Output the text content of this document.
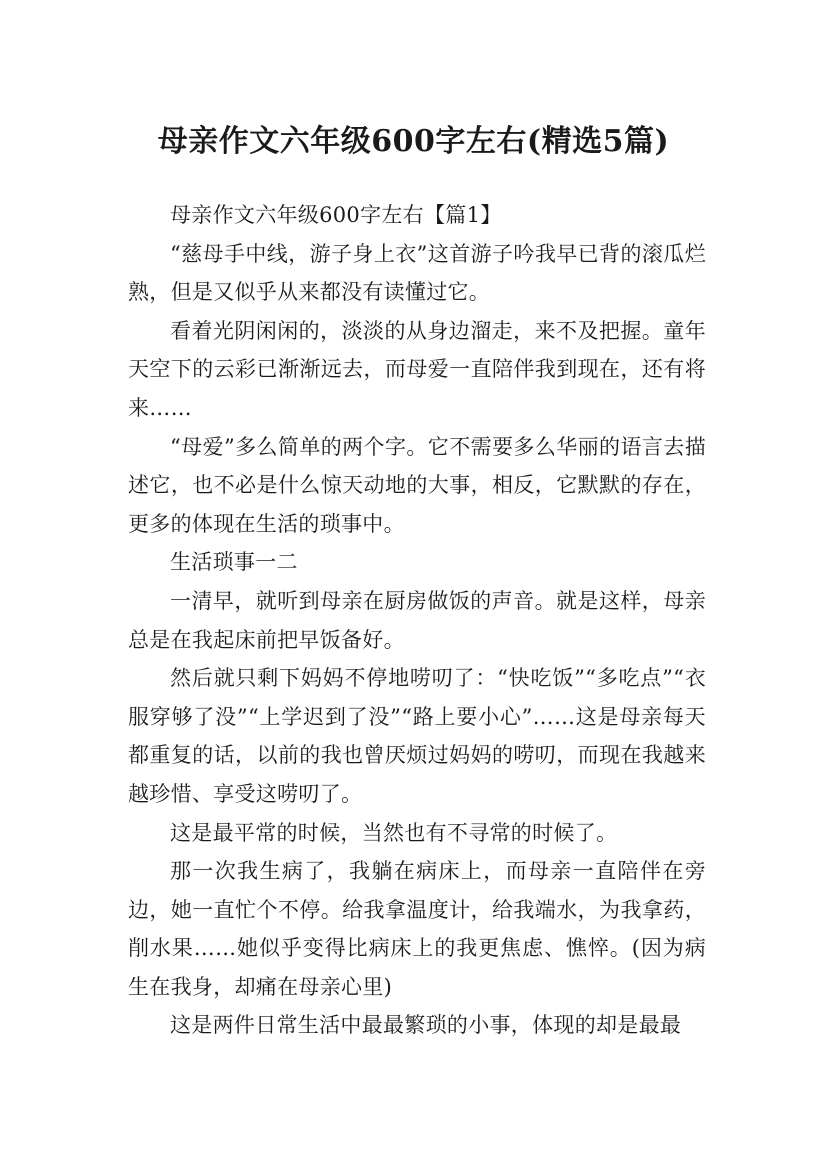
母亲作文六年级600字左右(精选5篇)

母亲作文六年级600字左右【篇1】

“慈母手中线，游子身上衣”这首游子吟我早已背的滚瓜烂熟，但是又似乎从来都没有读懂过它。

看着光阴闲闲的，淡淡的从身边溜走，来不及把握。童年天空下的云彩已渐渐远去，而母爱一直陪伴我到现在，还有将来……

“母爱”多么简单的两个字。它不需要多么华丽的语言去描述它，也不必是什么惊天动地的大事，相反，它默默的存在，更多的体现在生活的琐事中。

生活琐事一二

一清早，就听到母亲在厨房做饭的声音。就是这样，母亲总是在我起床前把早饭备好。

然后就只剩下妈妈不停地唠叨了：“快吃饭”“多吃点”“衣服穿够了没”“上学迟到了没”“路上要小心”……这是母亲每天都重复的话，以前的我也曾厌烦过妈妈的唠叨，而现在我越来越珍惜、享受这唠叨了。

这是最平常的时候，当然也有不寻常的时候了。

那一次我生病了，我躺在病床上，而母亲一直陪伴在旁边，她一直忙个不停。给我拿温度计，给我端水，为我拿药，削水果……她似乎变得比病床上的我更焦虑、憔悴。(因为病生在我身，却痛在母亲心里)

这是两件日常生活中最最繁琐的小事，体现的却是最最
